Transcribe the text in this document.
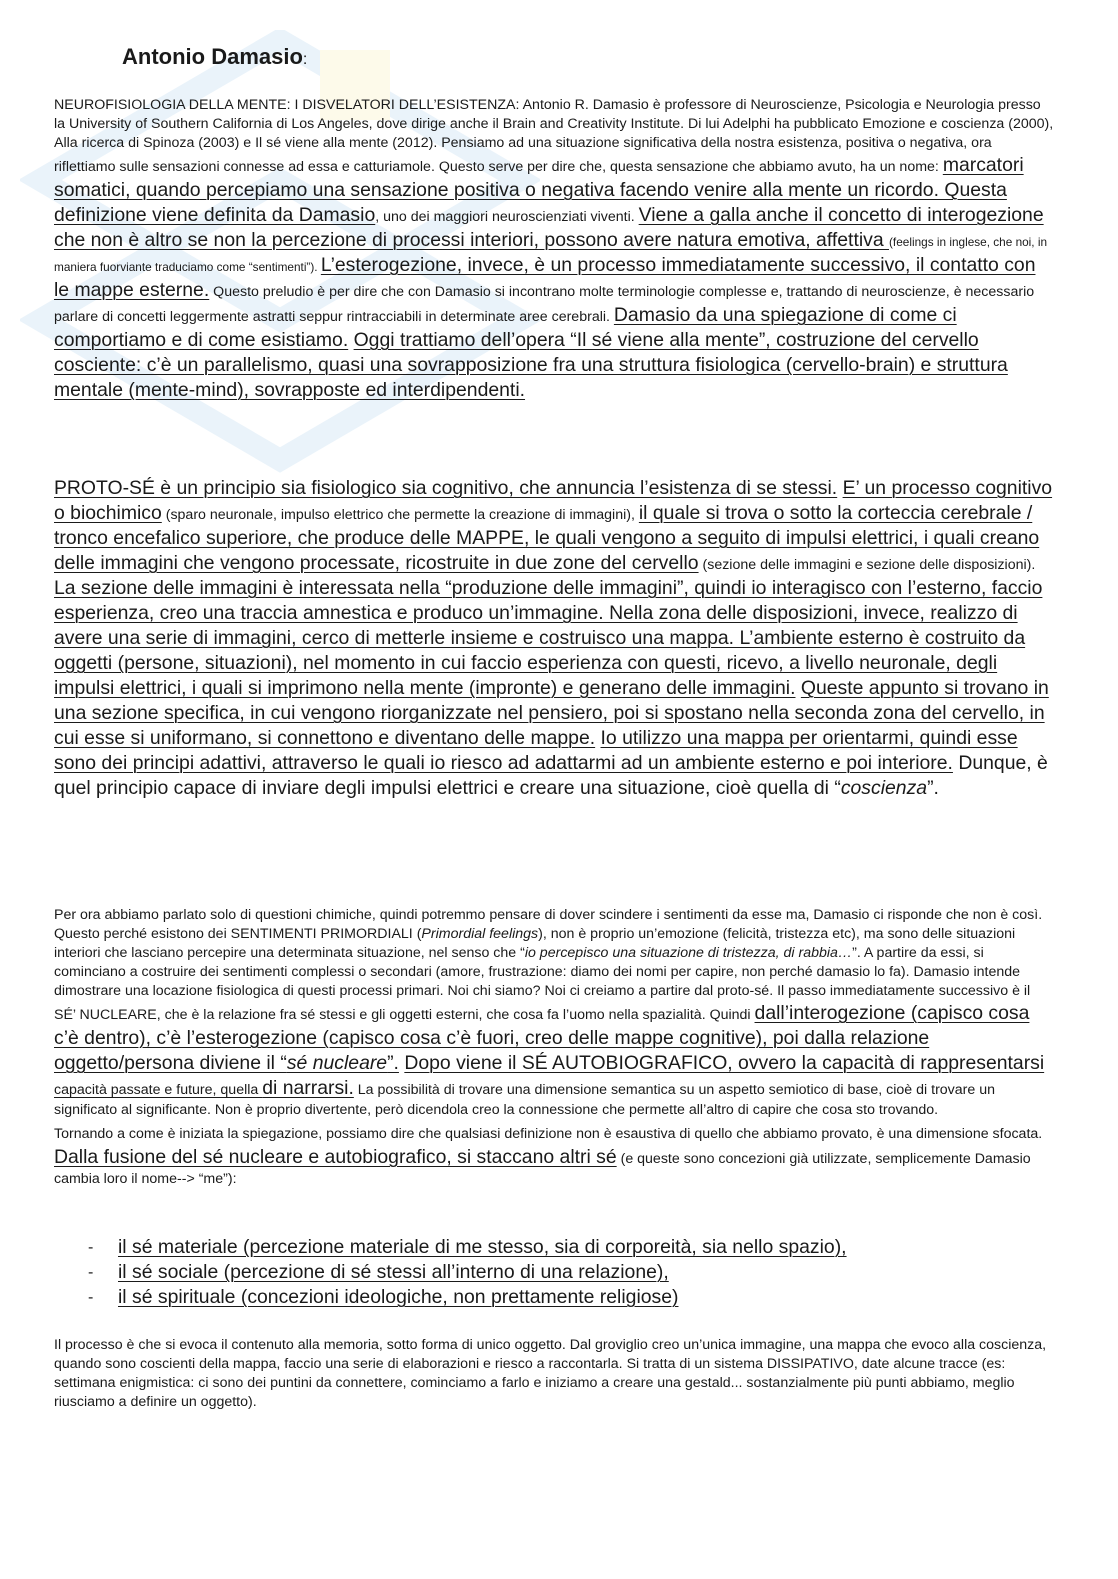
Antonio Damasio:

NEUROFISIOLOGIA DELLA MENTE: I DISVELATORI DELL’ESISTENZA: Antonio R. Damasio è professore di Neuroscienze, Psicologia e Neurologia presso la University of Southern California di Los Angeles, dove dirige anche il Brain and Creativity Institute. Di lui Adelphi ha pubblicato Emozione e coscienza (2000), Alla ricerca di Spinoza (2003) e Il sé viene alla mente (2012). Pensiamo ad una situazione significativa della nostra esistenza, positiva o negativa, ora riflettiamo sulle sensazioni connesse ad essa e catturiamole. Questo serve per dire che, questa sensazione che abbiamo avuto, ha un nome: marcatori somatici, quando percepiamo una sensazione positiva o negativa facendo venire alla mente un ricordo. Questa definizione viene definita da Damasio, uno dei maggiori neuroscienziati viventi. Viene a galla anche il concetto di interogezione che non è altro se non la percezione di processi interiori, possono avere natura emotiva, affettiva (feelings in inglese, che noi, in maniera fuorviante traduciamo come “sentimenti”). L’esterogezione, invece, è un processo immediatamente successivo, il contatto con le mappe esterne. Questo preludio è per dire che con Damasio si incontrano molte terminologie complesse e, trattando di neuroscienze, è necessario parlare di concetti leggermente astratti seppur rintracciabili in determinate aree cerebrali. Damasio da una spiegazione di come ci comportiamo e di come esistiamo. Oggi trattiamo dell’opera “Il sé viene alla mente”, costruzione del cervello cosciente: c’è un parallelismo, quasi una sovrapposizione fra una struttura fisiologica (cervello-brain) e struttura mentale (mente-mind), sovrapposte ed interdipendenti.

PROTO-SÉ è un principio sia fisiologico sia cognitivo, che annuncia l’esistenza di se stessi. E’ un processo cognitivo o biochimico (sparo neuronale, impulso elettrico che permette la creazione di immagini), il quale si trova o sotto la corteccia cerebrale / tronco encefalico superiore, che produce delle MAPPE, le quali vengono a seguito di impulsi elettrici, i quali creano delle immagini che vengono processate, ricostruite in due zone del cervello (sezione delle immagini e sezione delle disposizioni). La sezione delle immagini è interessata nella “produzione delle immagini”, quindi io interagisco con l’esterno, faccio esperienza, creo una traccia amnestica e produco un’immagine. Nella zona delle disposizioni, invece, realizzo di avere una serie di immagini, cerco di metterle insieme e costruisco una mappa. L’ambiente esterno è costruito da oggetti (persone, situazioni), nel momento in cui faccio esperienza con questi, ricevo, a livello neuronale, degli impulsi elettrici, i quali si imprimono nella mente (impronte) e generano delle immagini. Queste appunto si trovano in una sezione specifica, in cui vengono riorganizzate nel pensiero, poi si spostano nella seconda zona del cervello, in cui esse si uniformano, si connettono e diventano delle mappe. Io utilizzo una mappa per orientarmi, quindi esse sono dei principi adattivi, attraverso le quali io riesco ad adattarmi ad un ambiente esterno e poi interiore. Dunque, è quel principio capace di inviare degli impulsi elettrici e creare una situazione, cioè quella di “coscienza”.

Per ora abbiamo parlato solo di questioni chimiche, quindi potremmo pensare di dover scindere i sentimenti da esse ma, Damasio ci risponde che non è così. Questo perché esistono dei SENTIMENTI PRIMORDIALI (Primordial feelings), non è proprio un’emozione (felicità, tristezza etc), ma sono delle situazioni interiori che lasciano percepire una determinata situazione, nel senso che “io percepisco una situazione di tristezza, di rabbia…”. A partire da essi, si cominciano a costruire dei sentimenti complessi o secondari (amore, frustrazione: diamo dei nomi per capire, non perché damasio lo fa). Damasio intende dimostrare una locazione fisiologica di questi processi primari. Noi chi siamo? Noi ci creiamo a partire dal proto-sé. Il passo immediatamente successivo è il SÉ’ NUCLEARE, che è la relazione fra sé stessi e gli oggetti esterni, che cosa fa l’uomo nella spazialità. Quindi dall’interogezione (capisco cosa c’è dentro), c’è l’esterogezione (capisco cosa c’è fuori, creo delle mappe cognitive), poi dalla relazione oggetto/persona diviene il “sé nucleare”. Dopo viene il SÉ AUTOBIOGRAFICO, ovvero la capacità di rappresentarsi capacità passate e future, quella di narrarsi. La possibilità di trovare una dimensione semantica su un aspetto semiotico di base, cioè di trovare un significato al significante. Non è proprio divertente, però dicendola creo la connessione che permette all’altro di capire che cosa sto trovando.
Tornando a come è iniziata la spiegazione, possiamo dire che qualsiasi definizione non è esaustiva di quello che abbiamo provato, è una dimensione sfocata. Dalla fusione del sé nucleare e autobiografico, si staccano altri sé (e queste sono concezioni già utilizzate, semplicemente Damasio cambia loro il nome--> “me”):

- il sé materiale (percezione materiale di me stesso, sia di corporeità, sia nello spazio),
- il sé sociale (percezione di sé stessi all’interno di una relazione),
- il sé spirituale (concezioni ideologiche, non prettamente religiose)

Il processo è che si evoca il contenuto alla memoria, sotto forma di unico oggetto. Dal groviglio creo un’unica immagine, una mappa che evoco alla coscienza, quando sono coscienti della mappa, faccio una serie di elaborazioni e riesco a raccontarla. Si tratta di un sistema DISSIPATIVO, date alcune tracce (es: settimana enigmistica: ci sono dei puntini da connettere, cominciamo a farlo e iniziamo a creare una gestald... sostanzialmente più punti abbiamo, meglio riusciamo a definire un oggetto).
